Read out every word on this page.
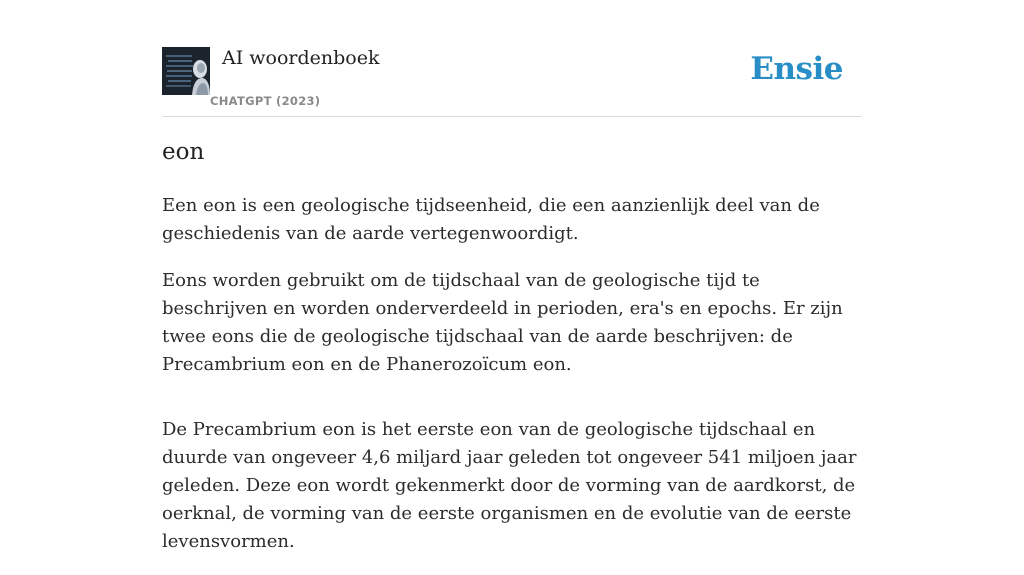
AI woordenboek
CHATGPT (2023)
Ensie
eon

Een eon is een geologische tijdseenheid, die een aanzienlijk deel van de geschiedenis van de aarde vertegenwoordigt.

Eons worden gebruikt om de tijdschaal van de geologische tijd te beschrijven en worden onderverdeeld in perioden, era's en epochs. Er zijn twee eons die de geologische tijdschaal van de aarde beschrijven: de Precambrium eon en de Phanerozoïcum eon.

De Precambrium eon is het eerste eon van de geologische tijdschaal en duurde van ongeveer 4,6 miljard jaar geleden tot ongeveer 541 miljoen jaar geleden. Deze eon wordt gekenmerkt door de vorming van de aardkorst, de oerknal, de vorming van de eerste organismen en de evolutie van de eerste levensvormen.
